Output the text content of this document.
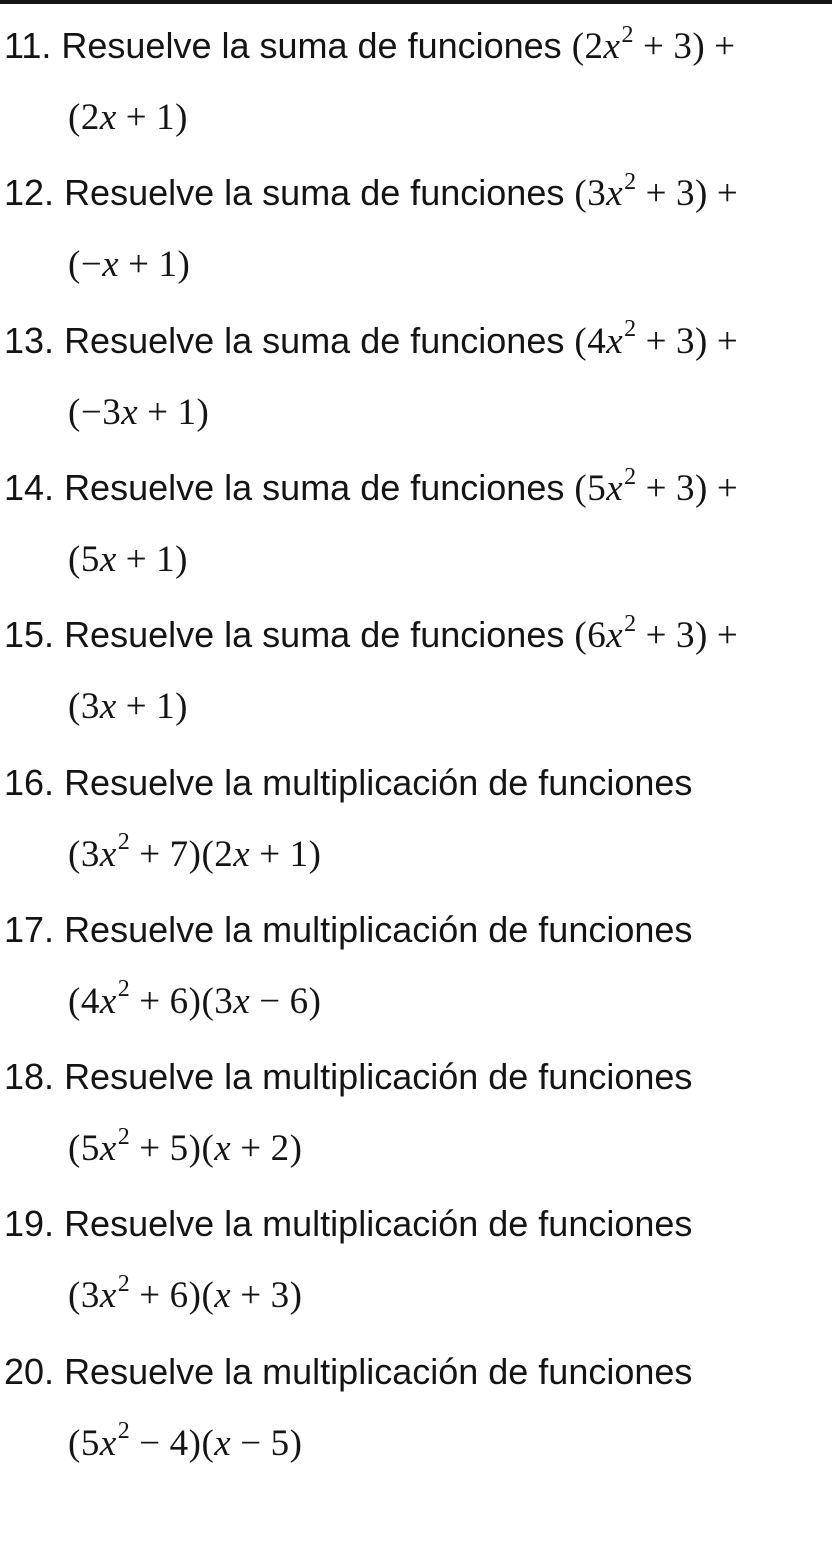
11. Resuelve la suma de funciones $(2x^2 + 3)$ +
(2x + 1)
12. Resuelve la suma de funciones $(3x^2 + 3)$ +
(−x + 1)
13. Resuelve la suma de funciones $(4x^2 + 3)$ +
(−3x + 1)
14. Resuelve la suma de funciones $(5x^2 + 3)$ +
(5x + 1)
15. Resuelve la suma de funciones $(6x^2 + 3)$ +
(3x + 1)
16. Resuelve la multiplicación de funciones
$(3x^2 + 7)(2x + 1)$
17. Resuelve la multiplicación de funciones
$(4x^2 + 6)(3x - 6)$
18. Resuelve la multiplicación de funciones
$(5x^2 + 5)(x + 2)$
19. Resuelve la multiplicación de funciones
$(3x^2 + 6)(x + 3)$
20. Resuelve la multiplicación de funciones
$(5x^2 - 4)(x - 5)$
